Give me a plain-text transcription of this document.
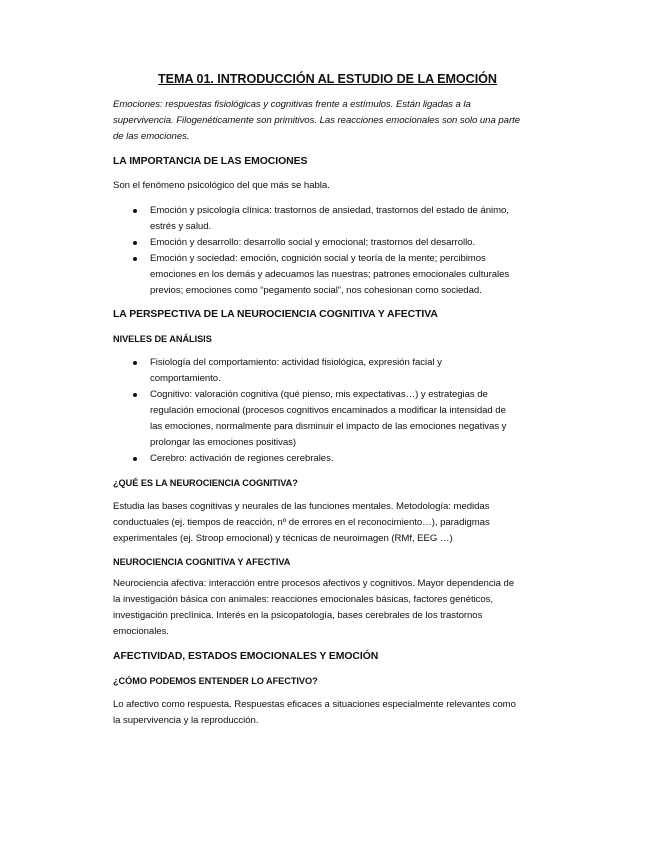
TEMA 01. INTRODUCCIÓN AL ESTUDIO DE LA EMOCIÓN
Emociones: respuestas fisiológicas y cognitivas frente a estímulos. Están ligadas a la
supervivencia. Filogenéticamente son primitivos. Las reacciones emocionales son solo una parte
de las emociones.
LA IMPORTANCIA DE LAS EMOCIONES
Son el fenómeno psicológico del que más se habla.
Emoción y psicología clínica: trastornos de ansiedad, trastornos del estado de ánimo,
estrés y salud.
Emoción y desarrollo: desarrollo social y emocional; trastornos del desarrollo.
Emoción y sociedad: emoción, cognición social y teoría de la mente; percibimos
emociones en los demás y adecuamos las nuestras; patrones emocionales culturales
previos; emociones como “pegamento social”, nos cohesionan como sociedad.
LA PERSPECTIVA DE LA NEUROCIENCIA COGNITIVA Y AFECTIVA
NIVELES DE ANÁLISIS
Fisiología del comportamiento: actividad fisiológica, expresión facial y
comportamiento.
Cognitivo: valoración cognitiva (qué pienso, mis expectativas…) y estrategias de
regulación emocional (procesos cognitivos encaminados a modificar la intensidad de
las emociones, normalmente para disminuir el impacto de las emociones negativas y
prolongar las emociones positivas)
Cerebro: activación de regiones cerebrales.
¿QUÉ ES LA NEUROCIENCIA COGNITIVA?
Estudia las bases cognitivas y neurales de las funciones mentales. Metodología: medidas
conductuales (ej. tiempos de reacción, nº de errores en el reconocimiento…), paradigmas
experimentales (ej. Stroop emocional) y técnicas de neuroimagen (RMf, EEG …)
NEUROCIENCIA COGNITIVA Y AFECTIVA
Neurociencia afectiva: interacción entre procesos afectivos y cognitivos. Mayor dependencia de
la investigación básica con animales: reacciones emocionales básicas, factores genéticos,
investigación preclínica. Interés en la psicopatología, bases cerebrales de los trastornos
emocionales.
AFECTIVIDAD, ESTADOS EMOCIONALES Y EMOCIÓN
¿CÓMO PODEMOS ENTENDER LO AFECTIVO?
Lo afectivo como respuesta. Respuestas eficaces a situaciones especialmente relevantes como
la supervivencia y la reproducción.
